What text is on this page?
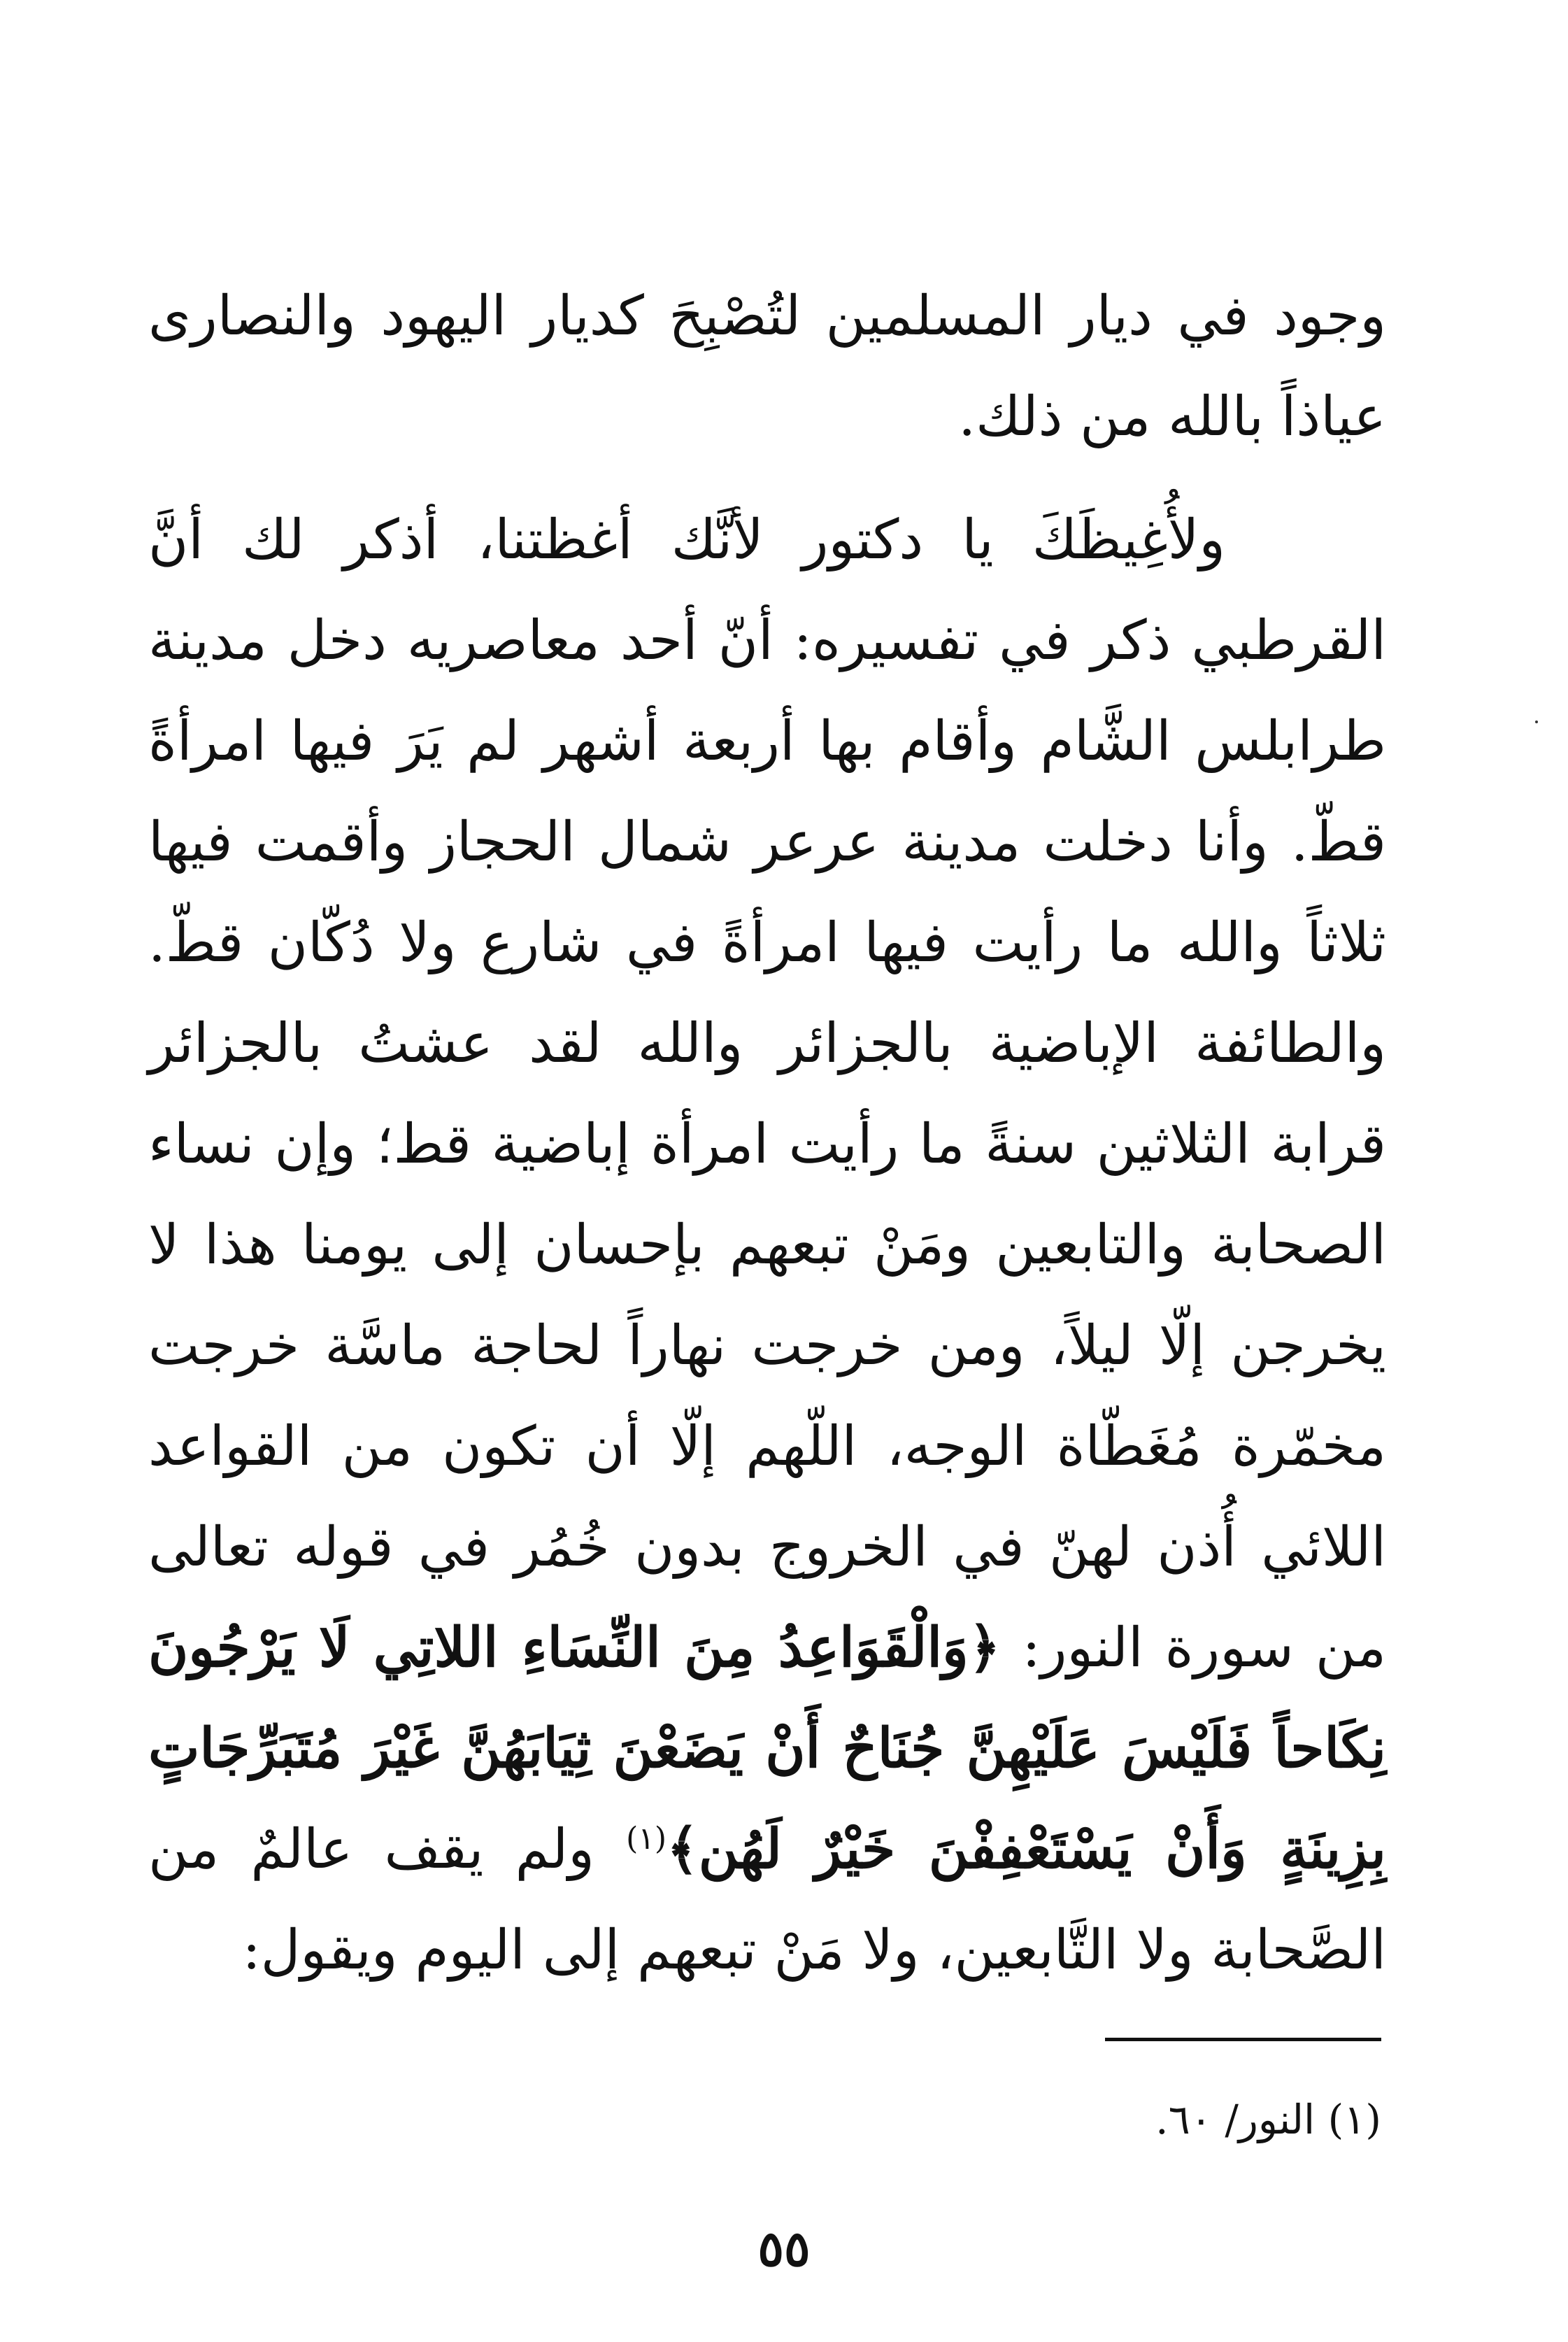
وجود في ديار المسلمين لتُصْبِحَ كديار اليهود والنصارى عياذاً بالله من ذلك.

ولأُغِيظَكَ يا دكتور لأنَّك أغظتنا، أذكر لك أنَّ القرطبي ذكر في تفسيره: أنّ أحد معاصريه دخل مدينة طرابلس الشَّام وأقام بها أربعة أشهر لم يَرَ فيها امرأةً قطّ. وأنا دخلت مدينة عرعر شمال الحجاز وأقمت فيها ثلاثاً والله ما رأيت فيها امرأةً في شارع ولا دُكّان قطّ. والطائفة الإباضية بالجزائر والله لقد عشتُ بالجزائر قرابة الثلاثين سنةً ما رأيت امرأة إباضية قط؛ وإن نساء الصحابة والتابعين ومَنْ تبعهم بإحسان إلى يومنا هذا لا يخرجن إلّا ليلاً، ومن خرجت نهاراً لحاجة ماسَّة خرجت مخمّرة مُغَطّاة الوجه، اللّهم إلّا أن تكون من القواعد اللائي أُذن لهنّ في الخروج بدون خُمُر في قوله تعالى من سورة النور: ﴿وَالْقَوَاعِدُ مِنَ النِّسَاءِ اللاتِي لَا يَرْجُونَ نِكَاحاً فَلَيْسَ عَلَيْهِنَّ جُنَاحٌ أَنْ يَضَعْنَ ثِيَابَهُنَّ غَيْرَ مُتَبَرِّجَاتٍ بِزِينَةٍ وَأَنْ يَسْتَعْفِفْنَ خَيْرٌ لَهُن﴾$^{(١)}$ ولم يقف عالمٌ من الصَّحابة ولا التَّابعين، ولا مَنْ تبعهم إلى اليوم ويقول:

(١) النور/ ٦٠.
٥٥
